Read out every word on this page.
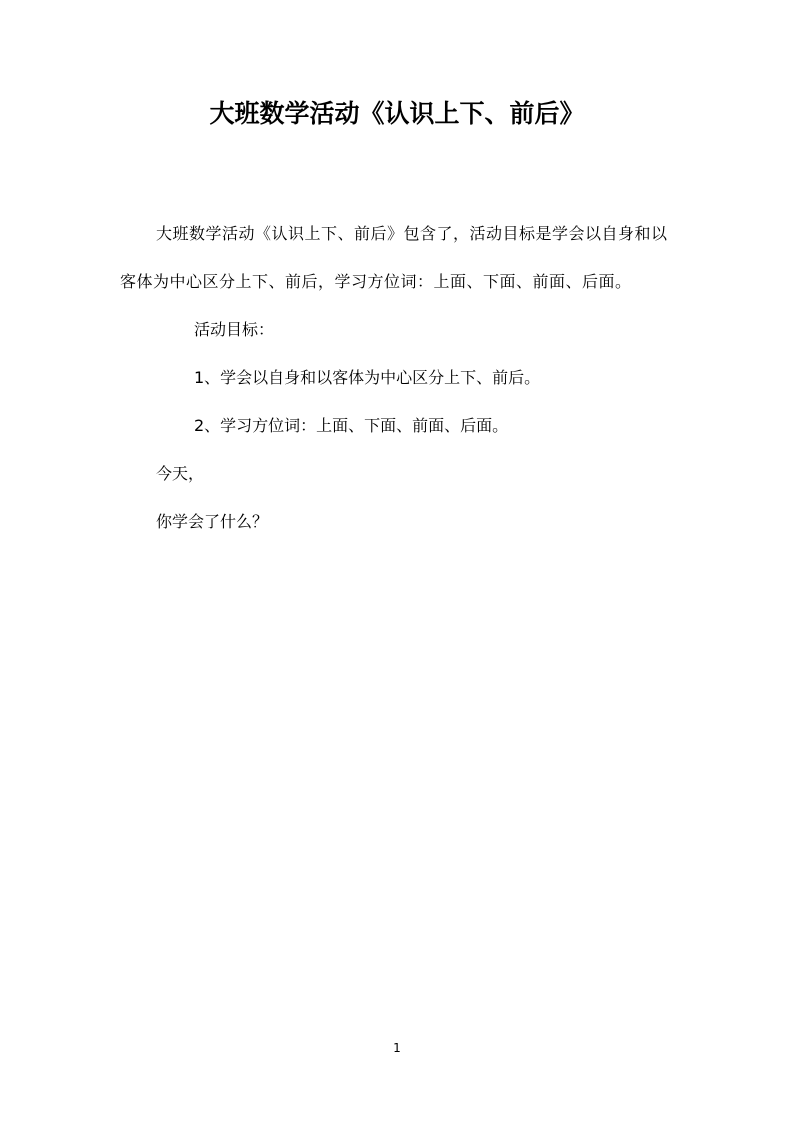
大班数学活动《认识上下、前后》

大班数学活动《认识上下、前后》包含了，活动目标是学会以自身和以客体为中心区分上下、前后，学习方位词：上面、下面、前面、后面。

活动目标：

1、学会以自身和以客体为中心区分上下、前后。

2、学习方位词：上面、下面、前面、后面。

今天，

你学会了什么？

1
